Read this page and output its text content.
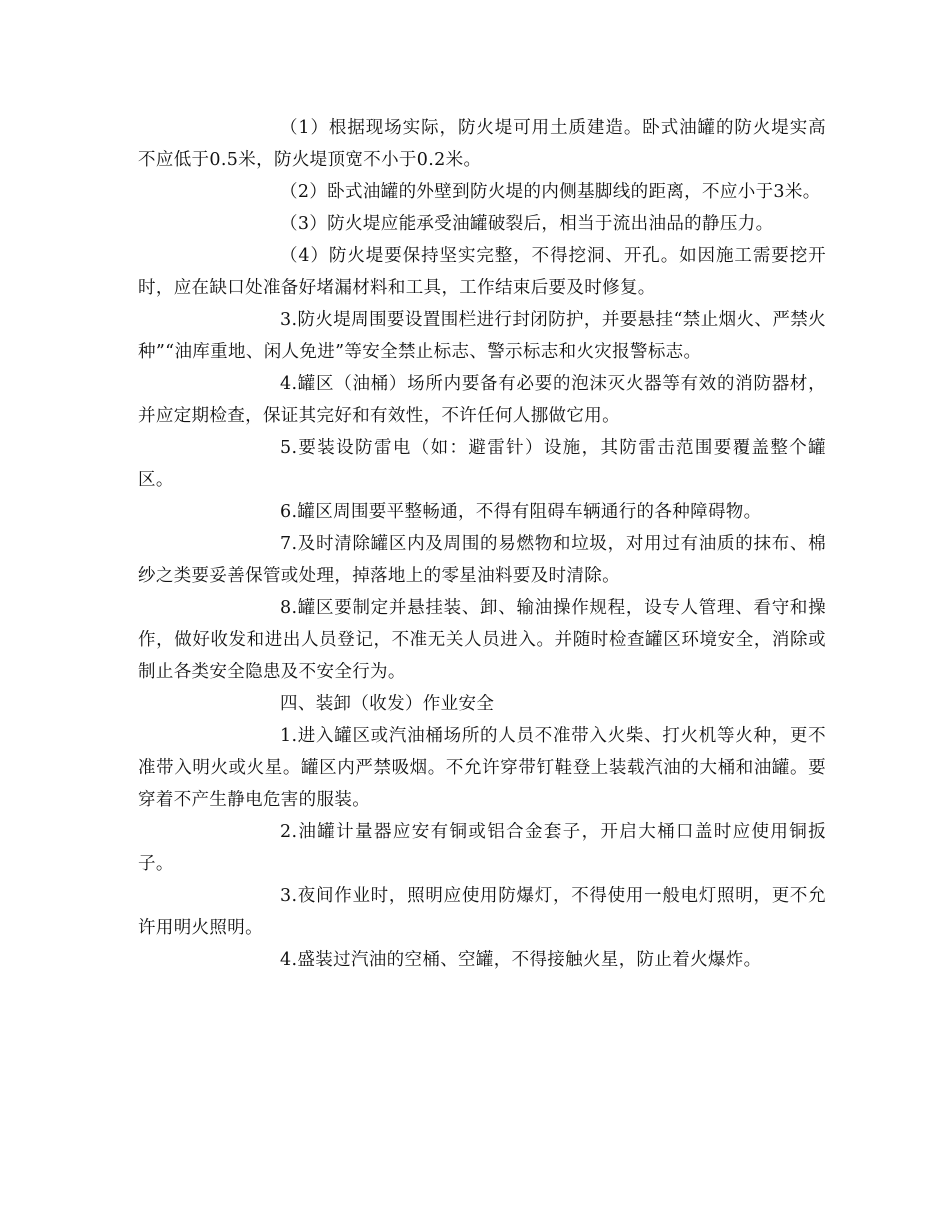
（1）根据现场实际，防火堤可用土质建造。卧式油罐的防火堤实高不应低于0.5米，防火堤顶宽不小于0.2米。

（2）卧式油罐的外壁到防火堤的内侧基脚线的距离，不应小于3米。

（3）防火堤应能承受油罐破裂后，相当于流出油品的静压力。

（4）防火堤要保持坚实完整，不得挖洞、开孔。如因施工需要挖开时，应在缺口处准备好堵漏材料和工具，工作结束后要及时修复。

3.防火堤周围要设置围栏进行封闭防护，并要悬挂“禁止烟火、严禁火种”“油库重地、闲人免进”等安全禁止标志、警示标志和火灾报警标志。

4.罐区（油桶）场所内要备有必要的泡沫灭火器等有效的消防器材，并应定期检查，保证其完好和有效性，不许任何人挪做它用。

5.要装设防雷电（如：避雷针）设施，其防雷击范围要覆盖整个罐区。

6.罐区周围要平整畅通，不得有阻碍车辆通行的各种障碍物。

7.及时清除罐区内及周围的易燃物和垃圾，对用过有油质的抹布、棉纱之类要妥善保管或处理，掉落地上的零星油料要及时清除。

8.罐区要制定并悬挂装、卸、输油操作规程，设专人管理、看守和操作，做好收发和进出人员登记，不准无关人员进入。并随时检查罐区环境安全，消除或制止各类安全隐患及不安全行为。

四、装卸（收发）作业安全

1.进入罐区或汽油桶场所的人员不准带入火柴、打火机等火种，更不准带入明火或火星。罐区内严禁吸烟。不允许穿带钉鞋登上装载汽油的大桶和油罐。要穿着不产生静电危害的服装。

2.油罐计量器应安有铜或铝合金套子，开启大桶口盖时应使用铜扳子。

3.夜间作业时，照明应使用防爆灯，不得使用一般电灯照明，更不允许用明火照明。

4.盛装过汽油的空桶、空罐，不得接触火星，防止着火爆炸。
